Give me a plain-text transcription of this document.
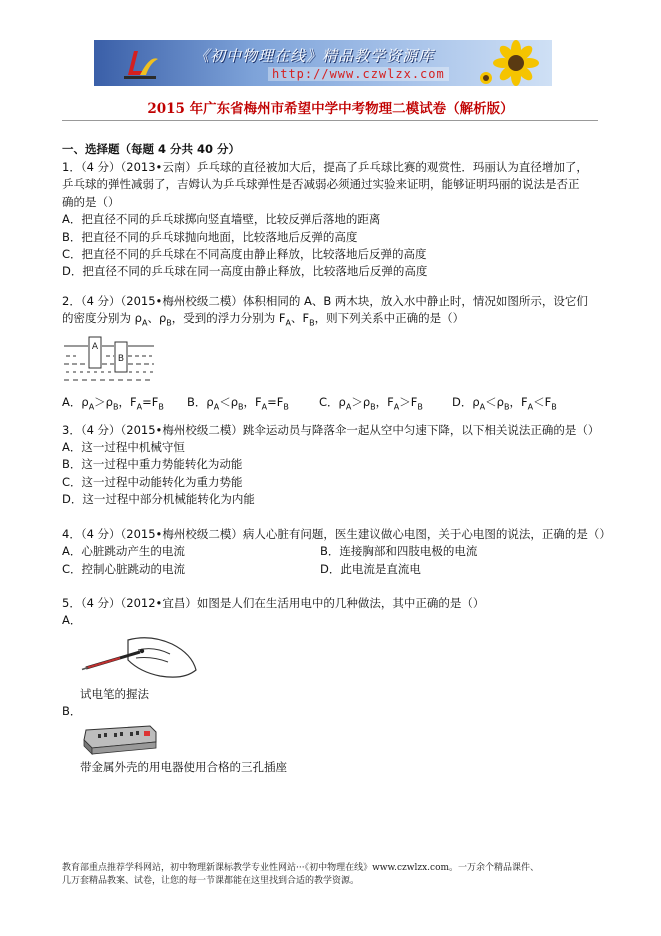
《初中物理在线》精品教学资源库
http://www.czwlzx.com
2015 年广东省梅州市希望中学中考物理二模试卷（解析版）
一、选择题（每题 4 分共 40 分）
1．（4 分）（2013•云南）乒乓球的直径被加大后，提高了乒乓球比赛的观赏性．玛丽认为直径增加了，
乒乓球的弹性减弱了，吉姆认为乒乓球弹性是否减弱必须通过实验来证明，能够证明玛丽的说法是否正
确的是（）
A．把直径不同的乒乓球掷向竖直墙壁，比较反弹后落地的距离
B．把直径不同的乒乓球抛向地面，比较落地后反弹的高度
C．把直径不同的乒乓球在不同高度由静止释放，比较落地后反弹的高度
D．把直径不同的乒乓球在同一高度由静止释放，比较落地后反弹的高度
2．（4 分）（2015•梅州校级二模）体积相同的 A、B 两木块，放入水中静止时，情况如图所示，设它们
的密度分别为 $\rho_A$、$\rho_B$，受到的浮力分别为 $F_A$、$F_B$，则下列关系中正确的是（）
A
B
A．$\rho_A>\rho_B$，$F_A=F_B$	B．$\rho_A<\rho_B$，$F_A=F_B$	C．$\rho_A>\rho_B$，$F_A>F_B$	D．$\rho_A<\rho_B$，$F_A<F_B$
3．（4 分）（2015•梅州校级二模）跳伞运动员与降落伞一起从空中匀速下降，以下相关说法正确的是（）
A．这一过程中机械守恒
B．这一过程中重力势能转化为动能
C．这一过程中动能转化为重力势能
D．这一过程中部分机械能转化为内能
4．（4 分）（2015•梅州校级二模）病人心脏有问题，医生建议做心电图，关于心电图的说法，正确的是（）
A．心脏跳动产生的电流	B．连接胸部和四肢电极的电流
C．控制心脏跳动的电流	D．此电流是直流电
5．（4 分）（2012•宜昌）如图是人们在生活用电中的几种做法，其中正确的是（）
A．
试电笔的握法
B．
带金属外壳的用电器使用合格的三孔插座
教育部重点推荐学科网站，初中物理新课标教学专业性网站···《初中物理在线》www.czwlzx.com。一万余个精品课件、
几万套精品教案、试卷，让您的每一节课都能在这里找到合适的教学资源。
